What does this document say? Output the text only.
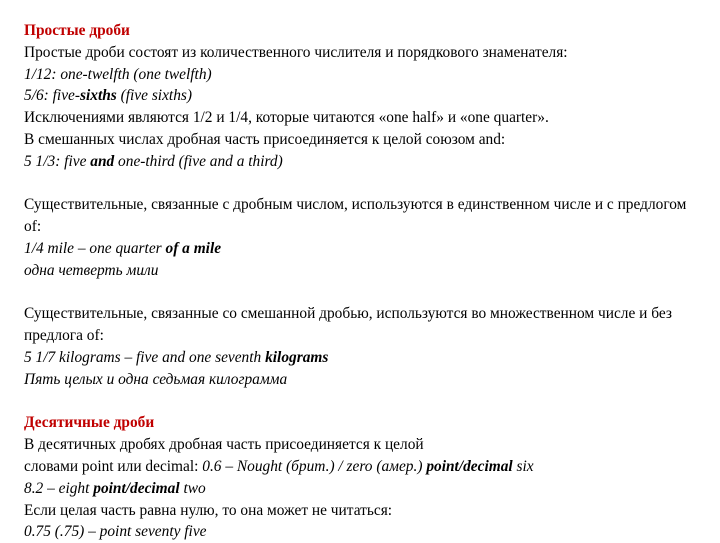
Простые дроби
Простые дроби состоят из количественного числителя и порядкового знаменателя:
1/12: one-twelfth (one twelfth)
5/6: five-sixths (five sixths)
Исключениями являются 1/2 и 1/4, которые читаются «one half» и «one quarter».
В смешанных числах дробная часть присоединяется к целой союзом and:
5 1/3: five and one-third (five and a third)
Существительные, связанные с дробным числом, используются в единственном числе и с предлогом of:
1/4 mile – one quarter of a mile
одна четверть мили
Существительные, связанные со смешанной дробью, используются во множественном числе и без предлога of:
5 1/7 kilograms – five and one seventh kilograms
Пять целых и одна седьмая килограмма
Десятичные дроби
В десятичных дробях дробная часть присоединяется к целой
словами point или decimal: 0.6 – Nought (брит.) / zero (амер.) point/decimal six
8.2 – eight point/decimal two
Если целая часть равна нулю, то она может не читаться:
0.75 (.75) – point seventy five
